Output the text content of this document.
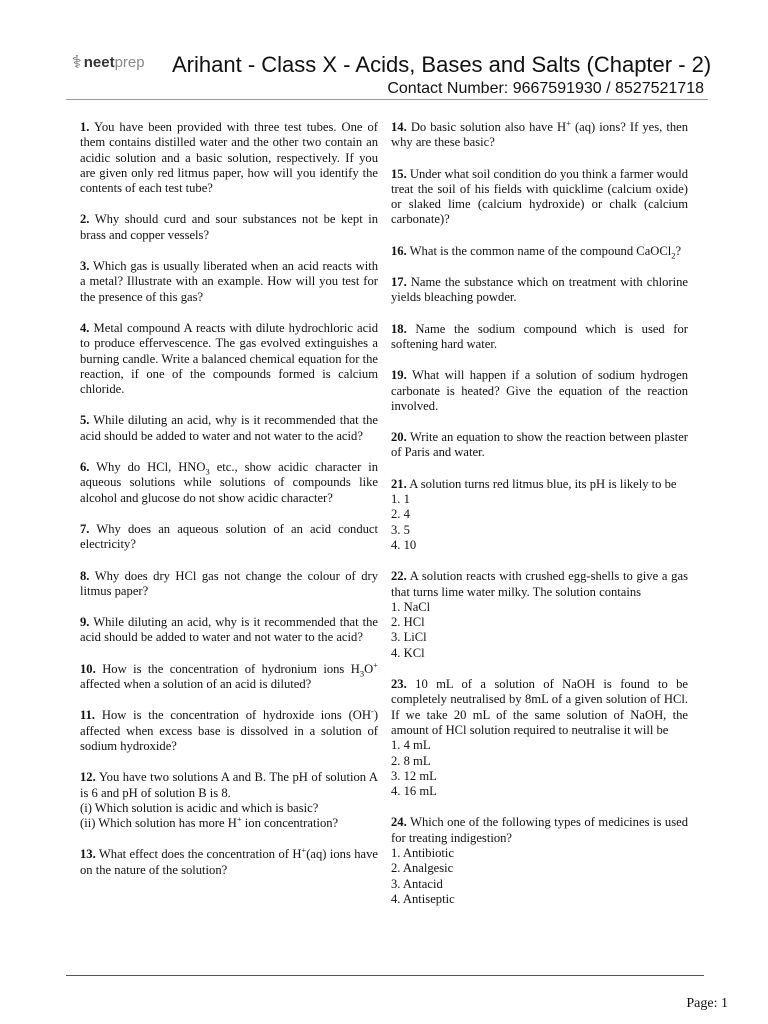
⚕ neet prep Arihant - Class X - Acids, Bases and Salts (Chapter - 2)
Contact Number: 9667591930 / 8527521718

1. You have been provided with three test tubes. One of them contains distilled water and the other two contain an acidic solution and a basic solution, respectively. If you are given only red litmus paper, how will you identify the contents of each test tube?

2. Why should curd and sour substances not be kept in brass and copper vessels?

3. Which gas is usually liberated when an acid reacts with a metal? Illustrate with an example. How will you test for the presence of this gas?

4. Metal compound A reacts with dilute hydrochloric acid to produce effervescence. The gas evolved extinguishes a burning candle. Write a balanced chemical equation for the reaction, if one of the compounds formed is calcium chloride.

5. While diluting an acid, why is it recommended that the acid should be added to water and not water to the acid?

6. Why do HCl, $HNO_3$ etc., show acidic character in aqueous solutions while solutions of compounds like alcohol and glucose do not show acidic character?

7. Why does an aqueous solution of an acid conduct electricity?

8. Why does dry HCl gas not change the colour of dry litmus paper?

9. While diluting an acid, why is it recommended that the acid should be added to water and not water to the acid?

10. How is the concentration of hydronium ions $H_3O^+$ affected when a solution of an acid is diluted?

11. How is the concentration of hydroxide ions (OH-) affected when excess base is dissolved in a solution of sodium hydroxide?

12. You have two solutions A and B. The pH of solution A is 6 and pH of solution B is 8.
(i) Which solution is acidic and which is basic?
(ii) Which solution has more H+ ion concentration?

13. What effect does the concentration of H+(aq) ions have on the nature of the solution?

14. Do basic solution also have H+ (aq) ions? If yes, then why are these basic?

15. Under what soil condition do you think a farmer would treat the soil of his fields with quicklime (calcium oxide) or slaked lime (calcium hydroxide) or chalk (calcium carbonate)?

16. What is the common name of the compound CaOCl$_2$?

17. Name the substance which on treatment with chlorine yields bleaching powder.

18. Name the sodium compound which is used for softening hard water.

19. What will happen if a solution of sodium hydrogen carbonate is heated? Give the equation of the reaction involved.

20. Write an equation to show the reaction between plaster of Paris and water.

21. A solution turns red litmus blue, its pH is likely to be
1. 1
2. 4
3. 5
4. 10
22. A solution reacts with crushed egg-shells to give a gas that turns lime water milky. The solution contains
1. NaCl
2. HCl
3. LiCl
4. KCl
23. 10 mL of a solution of NaOH is found to be completely neutralised by 8mL of a given solution of HCl. If we take 20 mL of the same solution of NaOH, the amount of HCl solution required to neutralise it will be
1. 4 mL
2. 8 mL
3. 12 mL
4. 16 mL
24. Which one of the following types of medicines is used for treating indigestion?
1. Antibiotic
2. Analgesic
3. Antacid
4. Antiseptic
Page: 1
